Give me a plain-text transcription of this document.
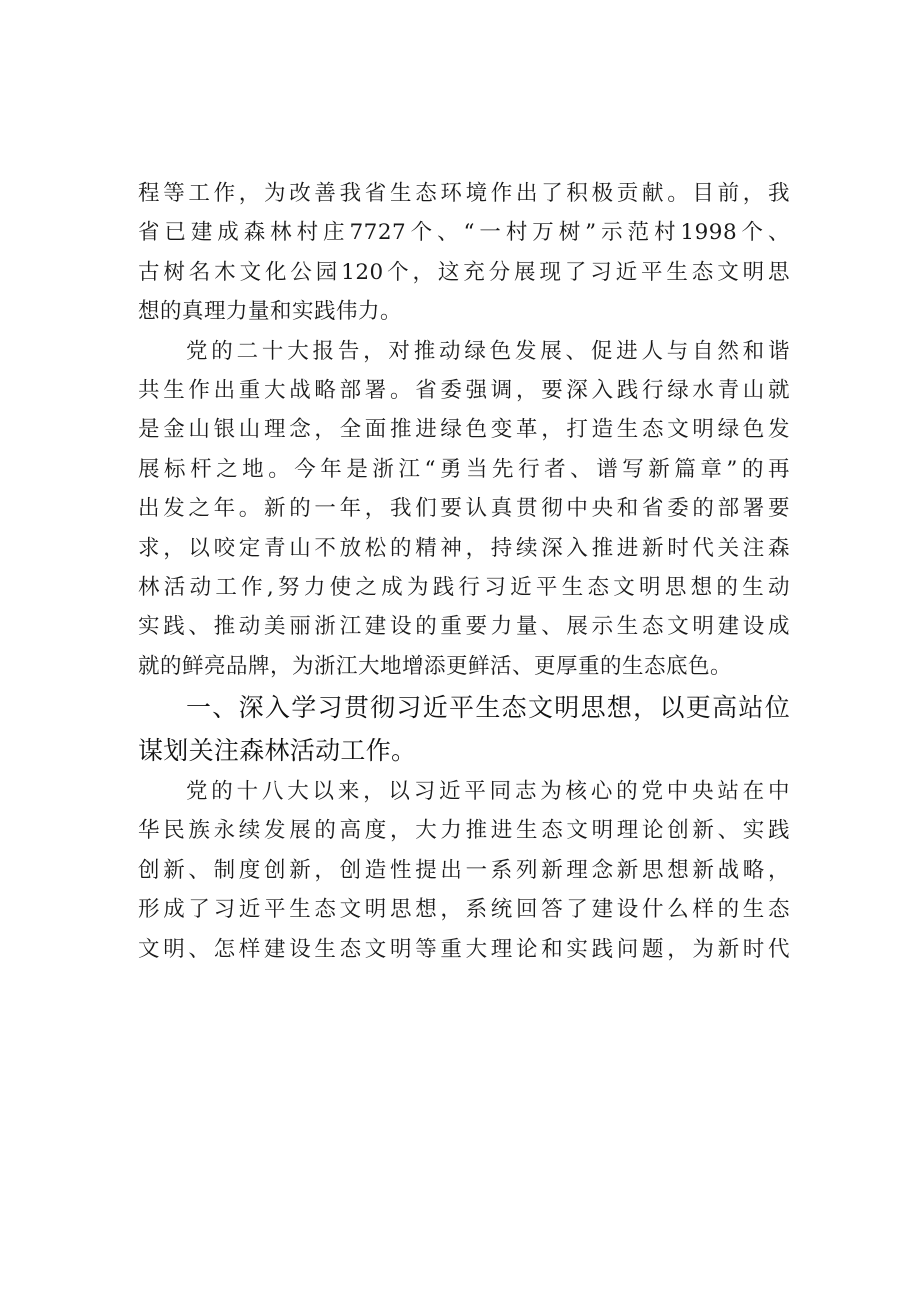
程等工作，为改善我省生态环境作出了积极贡献。目前，我
省已建成森林村庄7727个、“一村万树”示范村1998个、
古树名木文化公园120个，这充分展现了习近平生态文明思
想的真理力量和实践伟力。
党的二十大报告，对推动绿色发展、促进人与自然和谐
共生作出重大战略部署。省委强调，要深入践行绿水青山就
是金山银山理念，全面推进绿色变革，打造生态文明绿色发
展标杆之地。今年是浙江“勇当先行者、谱写新篇章”的再
出发之年。新的一年，我们要认真贯彻中央和省委的部署要
求，以咬定青山不放松的精神，持续深入推进新时代关注森
林活动工作,努力使之成为践行习近平生态文明思想的生动
实践、推动美丽浙江建设的重要力量、展示生态文明建设成
就的鲜亮品牌，为浙江大地增添更鲜活、更厚重的生态底色。
一、深入学习贯彻习近平生态文明思想，以更高站位
谋划关注森林活动工作。
党的十八大以来，以习近平同志为核心的党中央站在中
华民族永续发展的高度，大力推进生态文明理论创新、实践
创新、制度创新，创造性提出一系列新理念新思想新战略，
形成了习近平生态文明思想，系统回答了建设什么样的生态
文明、怎样建设生态文明等重大理论和实践问题，为新时代
